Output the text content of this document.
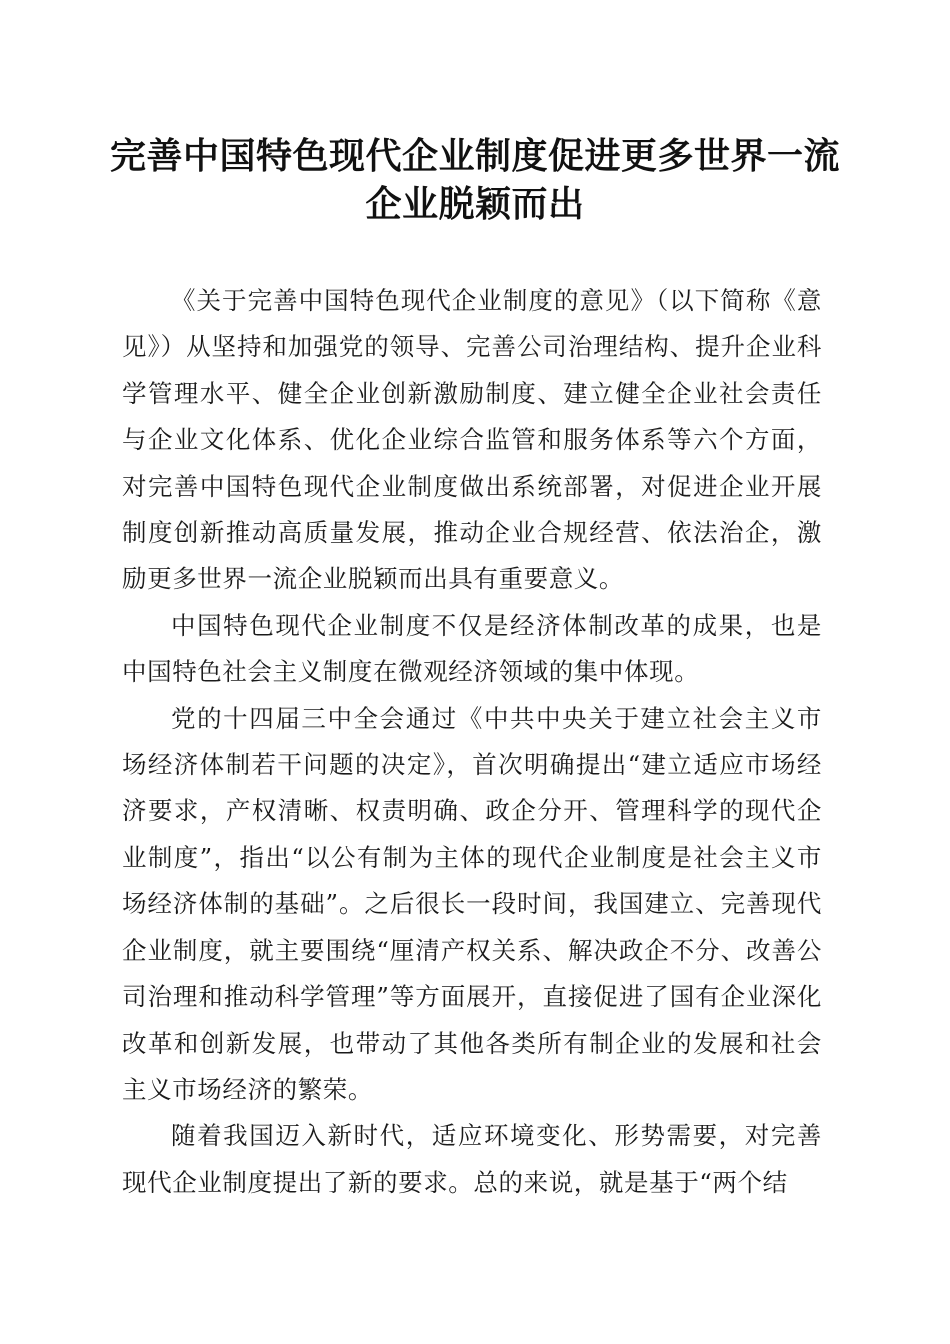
完善中国特色现代企业制度促进更多世界一流
企业脱颖而出

《关于完善中国特色现代企业制度的意见》（以下简称《意见》）从坚持和加强党的领导、完善公司治理结构、提升企业科学管理水平、健全企业创新激励制度、建立健全企业社会责任与企业文化体系、优化企业综合监管和服务体系等六个方面，对完善中国特色现代企业制度做出系统部署，对促进企业开展制度创新推动高质量发展，推动企业合规经营、依法治企，激励更多世界一流企业脱颖而出具有重要意义。

中国特色现代企业制度不仅是经济体制改革的成果，也是中国特色社会主义制度在微观经济领域的集中体现。

党的十四届三中全会通过《中共中央关于建立社会主义市场经济体制若干问题的决定》，首次明确提出“建立适应市场经济要求，产权清晰、权责明确、政企分开、管理科学的现代企业制度”，指出“以公有制为主体的现代企业制度是社会主义市场经济体制的基础”。之后很长一段时间，我国建立、完善现代企业制度，就主要围绕“厘清产权关系、解决政企不分、改善公司治理和推动科学管理”等方面展开，直接促进了国有企业深化改革和创新发展，也带动了其他各类所有制企业的发展和社会主义市场经济的繁荣。

随着我国迈入新时代，适应环境变化、形势需要，对完善现代企业制度提出了新的要求。总的来说，就是基于“两个结
